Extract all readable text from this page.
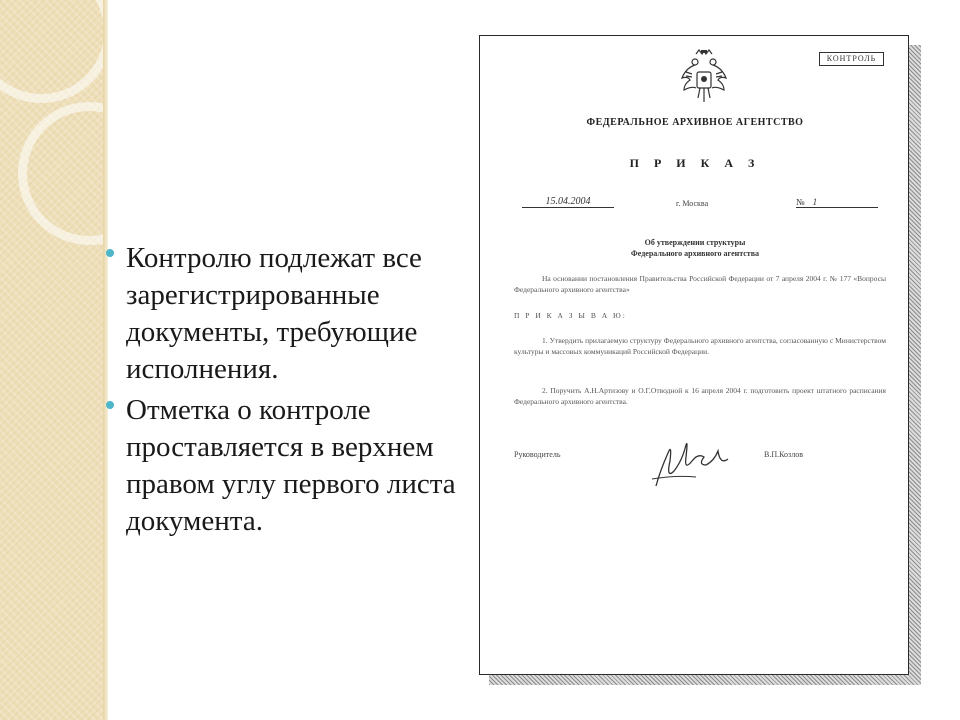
Контролю подлежат все зарегистрированные документы, требующие исполнения.
Отметка о контроле проставляется в верхнем правом углу первого листа документа.
КОНТРОЛЬ
ФЕДЕРАЛЬНОЕ АРХИВНОЕ АГЕНТСТВО
П Р И К А З
15.04.2004	г. Москва	№ 1
Об утверждении структуры
Федерального архивного агентства
На основании постановления Правительства Российской Федерации от 7 апреля 2004 г. № 177 «Вопросы Федерального архивного агентства»
П Р И К А З Ы В А Ю:
1. Утвердить прилагаемую структуру Федерального архивного агентства, согласованную с Министерством культуры и массовых коммуникаций Российской Федерации.
2. Поручить А.Н.Артизову и О.Г.Отводной к 16 апреля 2004 г. подготовить проект штатного расписания Федерального архивного агентства.
Руководитель	В.П.Козлов
